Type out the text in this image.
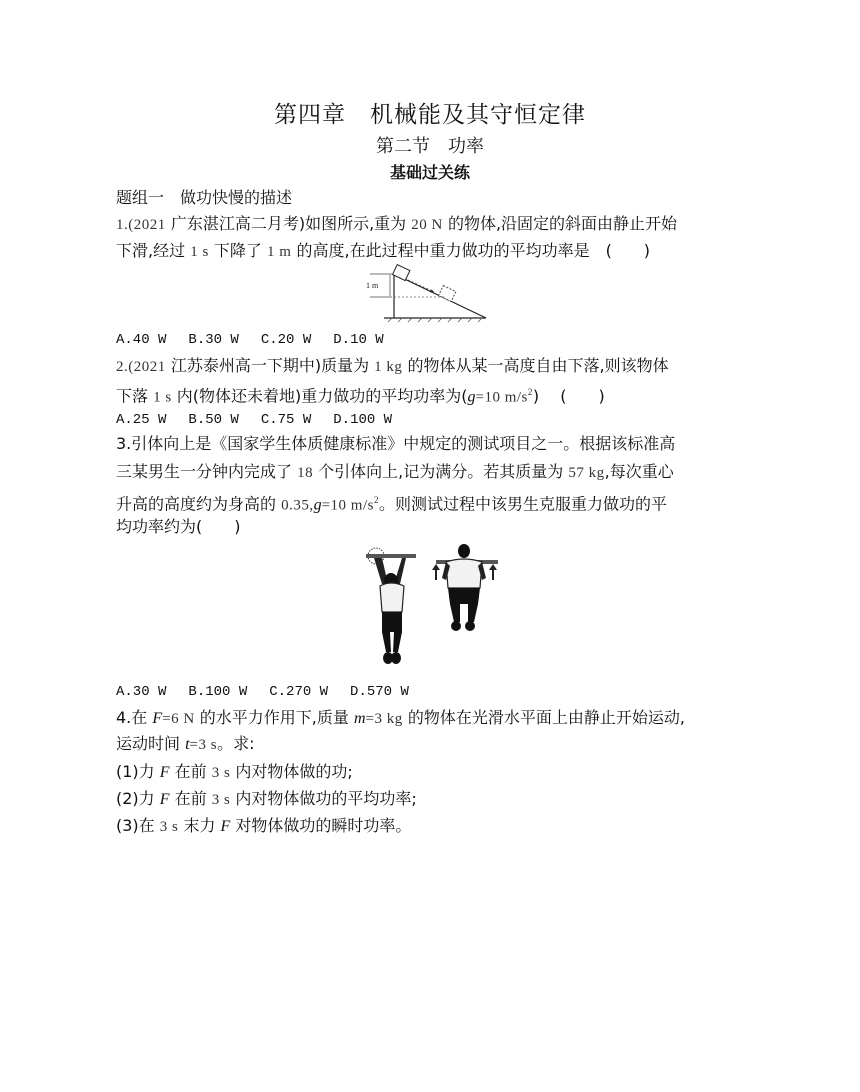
第四章　机械能及其守恒定律
第二节　功率
基础过关练
题组一　做功快慢的描述
1.(2021 广东湛江高二月考)如图所示,重为 20 N 的物体,沿固定的斜面由静止开始
下滑,经过 1 s 下降了 1 m 的高度,在此过程中重力做功的平均功率是　(　　)
1 m
A.40 W B.30 W C.20 W D.10 W
2.(2021 江苏泰州高一下期中)质量为 1 kg 的物体从某一高度自由下落,则该物体
下落 1 s 内(物体还未着地)重力做功的平均功率为(g=10 $m/s^2$)　 (　　)
A.25 W B.50 W C.75 W D.100 W
3.引体向上是《国家学生体质健康标准》中规定的测试项目之一。根据该标准高
三某男生一分钟内完成了 18 个引体向上,记为满分。若其质量为 57 kg,每次重心
升高的高度约为身高的 0.35,g=10 $m/s^2$。则测试过程中该男生克服重力做功的平
均功率约为(　　)
A.30 W B.100 W C.270 W D.570 W
4.在 F=6 N 的水平力作用下,质量 m=3 kg 的物体在光滑水平面上由静止开始运动,
运动时间 t=3 s。求:
(1)力 F 在前 3 s 内对物体做的功;
(2)力 F 在前 3 s 内对物体做功的平均功率;
(3)在 3 s 末力 F 对物体做功的瞬时功率。
